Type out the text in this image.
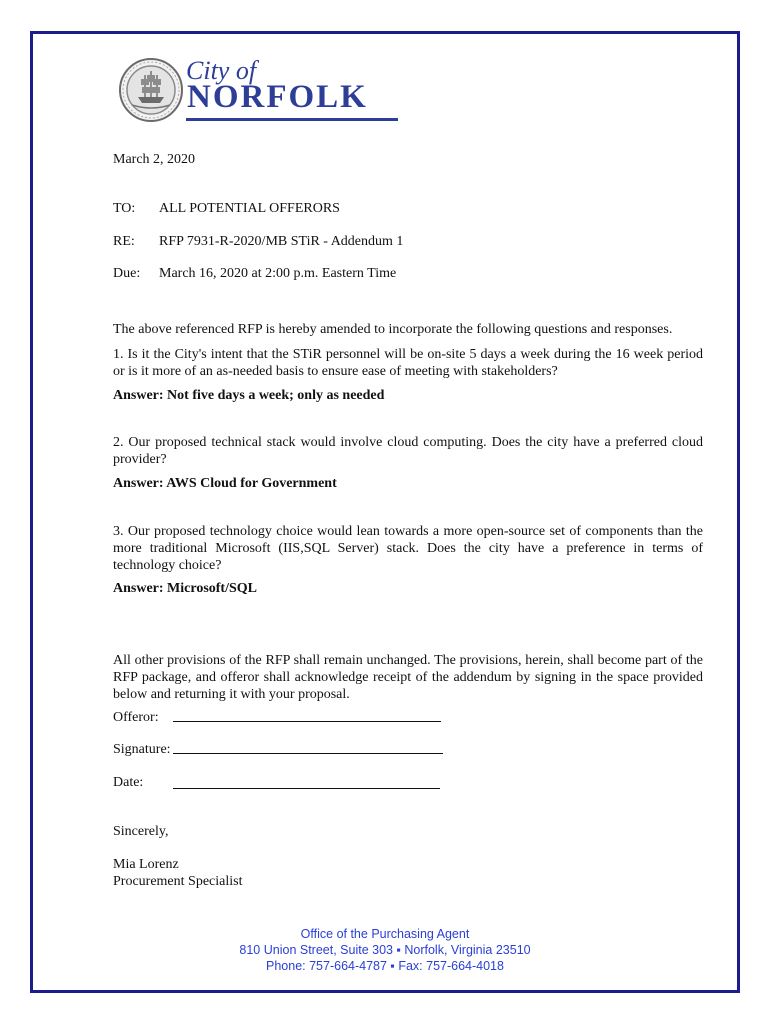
City of
NORFOLK
March 2, 2020
TO: ALL POTENTIAL OFFERORS
RE: RFP 7931-R-2020/MB STiR - Addendum 1
Due: March 16, 2020 at 2:00 p.m. Eastern Time
The above referenced RFP is hereby amended to incorporate the following questions and responses.
1. Is it the City's intent that the STiR personnel will be on-site 5 days a week during the 16 week period or is it more of an as-needed basis to ensure ease of meeting with stakeholders?
Answer: Not five days a week; only as needed
2. Our proposed technical stack would involve cloud computing. Does the city have a preferred cloud provider?
Answer: AWS Cloud for Government
3. Our proposed technology choice would lean towards a more open-source set of components than the more traditional Microsoft (IIS,SQL Server) stack. Does the city have a preference in terms of technology choice?
Answer: Microsoft/SQL
All other provisions of the RFP shall remain unchanged. The provisions, herein, shall become part of the RFP package, and offeror shall acknowledge receipt of the addendum by signing in the space provided below and returning it with your proposal.
Offeror:
Signature:
Date:
Sincerely,
Mia Lorenz
Procurement Specialist
Office of the Purchasing Agent
810 Union Street, Suite 303 ▪ Norfolk, Virginia 23510
Phone: 757-664-4787 ▪ Fax: 757-664-4018
